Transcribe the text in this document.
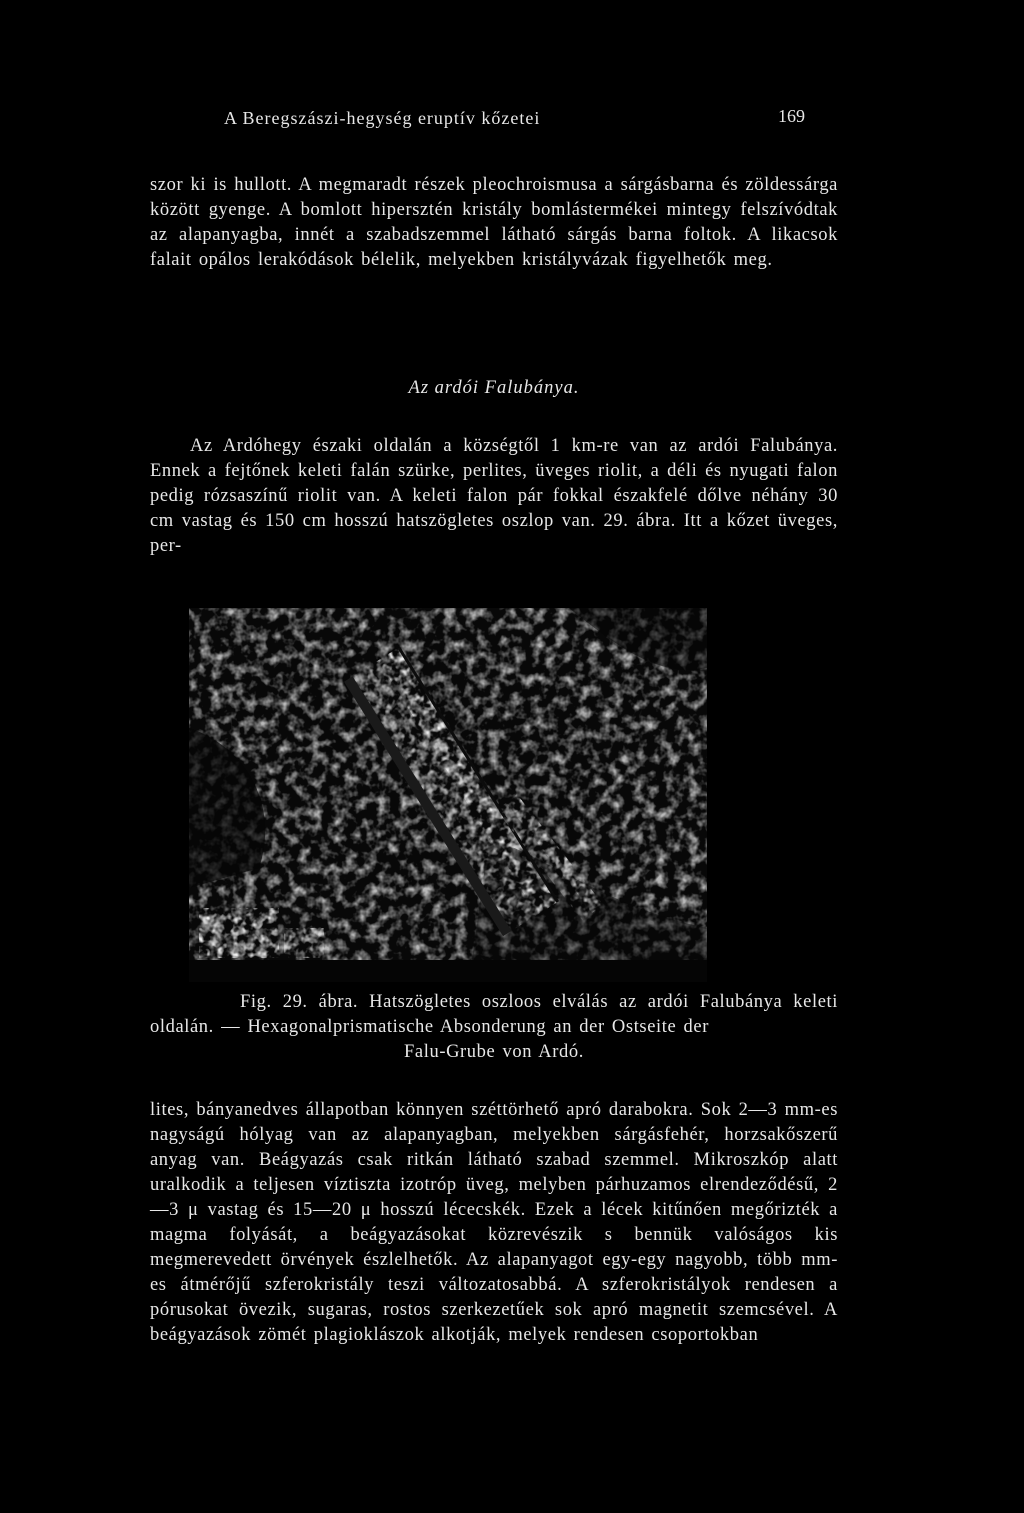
A Beregszászi-hegység eruptív kőzetei	169
szor ki is hullott. A megmaradt részek pleochroismusa a sárgásbarna és zöldessárga között gyenge. A bomlott hipersztén kristály bomlástermékei mintegy felszívódtak az alapanyagba, innét a szabadszemmel látható sárgás barna foltok. A likacsok falait opálos lerakódások bélelik, melyekben kristályvázak figyelhetők meg.
Az ardói Falubánya.
Az Ardóhegy északi oldalán a községtől 1 km-re van az ardói Falubánya. Ennek a fejtőnek keleti falán szürke, perlites, üveges riolit, a déli és nyugati falon pedig rózsaszínű riolit van. A keleti falon pár fokkal északfelé dőlve néhány 30 cm vastag és 150 cm hosszú hatszögletes oszlop van. 29. ábra. Itt a kőzet üveges, per-
Fig. 29. ábra. Hatszögletes oszloos elválás az ardói Falubánya keleti oldalán. — Hexagonalprismatische Absonderung an der Ostseite der
Falu-Grube von Ardó.
lites, bányanedves állapotban könnyen széttörhető apró darabokra. Sok 2—3 mm-es nagyságú hólyag van az alapanyagban, melyekben sárgásfehér, horzsakőszerű anyag van. Beágyazás csak ritkán látható szabad szemmel. Mikroszkóp alatt uralkodik a teljesen víztiszta izotróp üveg, melyben párhuzamos elrendeződésű, 2—3 μ vastag és 15—20 μ hosszú lécecskék. Ezek a lécek kitűnően megőrizték a magma folyását, a beágyazásokat közrevészik s bennük valóságos kis megmerevedett örvények észlelhetők. Az alapanyagot egy-egy nagyobb, több mm-es átmérőjű szferokristály teszi változatosabbá. A szferokristályok rendesen a pórusokat övezik, sugaras, rostos szerkezetűek sok apró magnetit szemcsével. A beágyazások zömét plagioklászok alkotják, melyek rendesen csoportokban
